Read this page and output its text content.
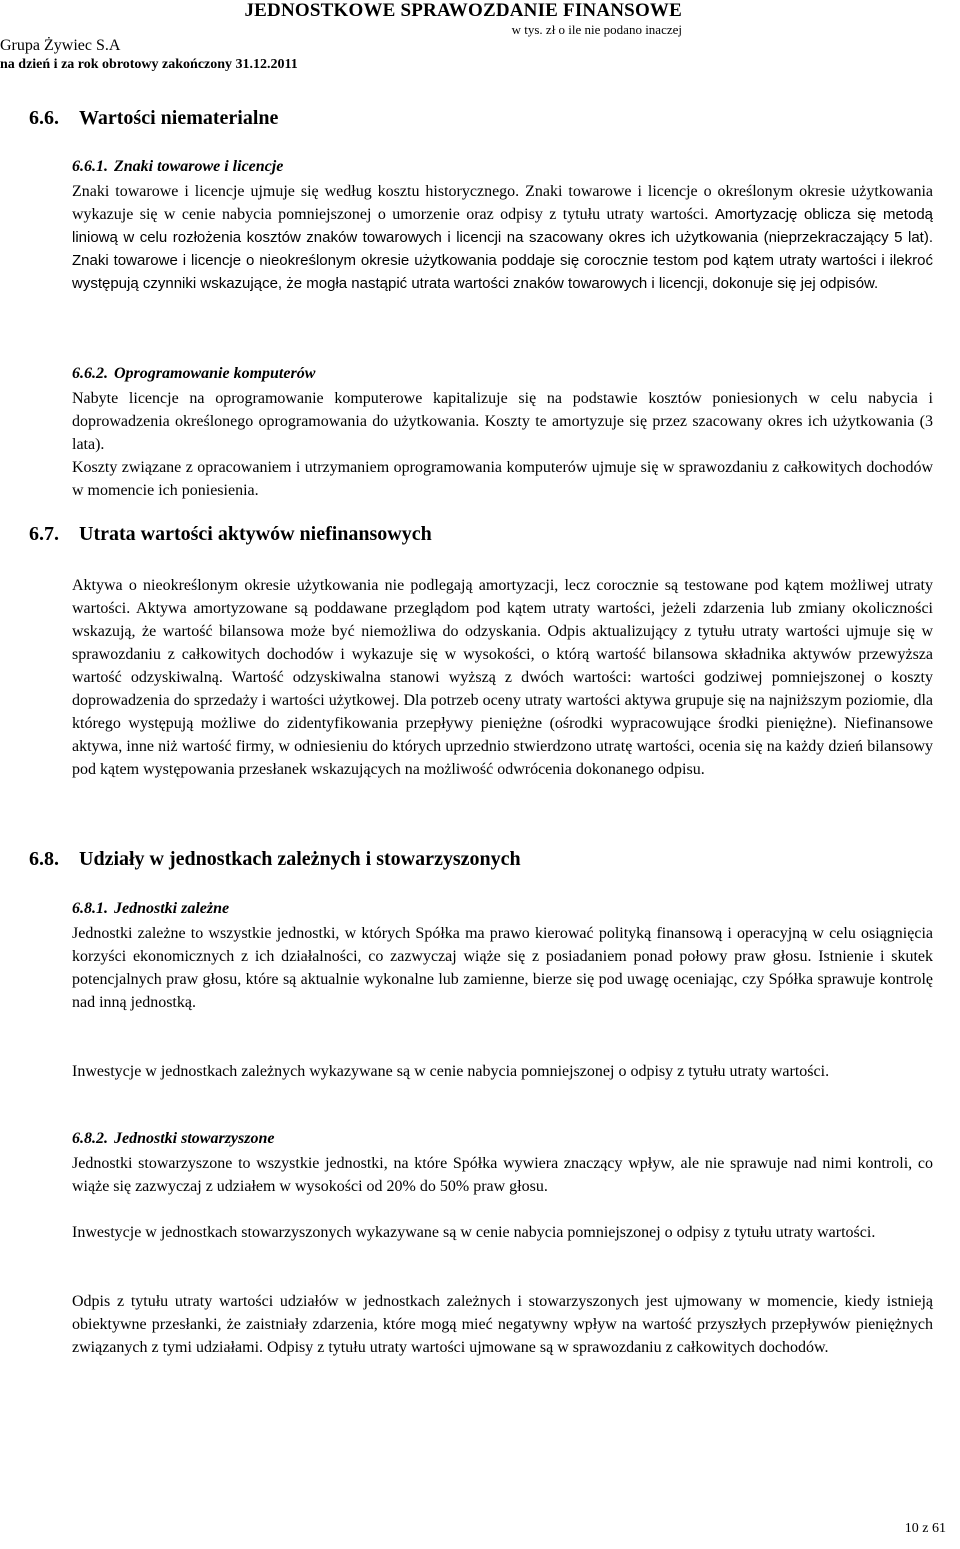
JEDNOSTKOWE SPRAWOZDANIE FINANSOWE
w tys. zł o ile nie podano inaczej
Grupa Żywiec S.A
na dzień i za rok obrotowy zakończony 31.12.2011
6.6. Wartości niematerialne
6.6.1. Znaki towarowe i licencje
Znaki towarowe i licencje ujmuje się według kosztu historycznego. Znaki towarowe i licencje o określonym okresie użytkowania wykazuje się w cenie nabycia pomniejszonej o umorzenie oraz odpisy z tytułu utraty wartości. Amortyzację oblicza się metodą liniową w celu rozłożenia kosztów znaków towarowych i licencji na szacowany okres ich użytkowania (nieprzekraczający 5 lat). Znaki towarowe i licencje o nieokreślonym okresie użytkowania poddaje się corocznie testom pod kątem utraty wartości i ilekroć występują czynniki wskazujące, że mogła nastąpić utrata wartości znaków towarowych i licencji, dokonuje się jej odpisów.
6.6.2. Oprogramowanie komputerów
Nabyte licencje na oprogramowanie komputerowe kapitalizuje się na podstawie kosztów poniesionych w celu nabycia i doprowadzenia określonego oprogramowania do użytkowania. Koszty te amortyzuje się przez szacowany okres ich użytkowania (3 lata).
Koszty związane z opracowaniem i utrzymaniem oprogramowania komputerów ujmuje się w sprawozdaniu z całkowitych dochodów w momencie ich poniesienia.
6.7. Utrata wartości aktywów niefinansowych
Aktywa o nieokreślonym okresie użytkowania nie podlegają amortyzacji, lecz corocznie są testowane pod kątem możliwej utraty wartości. Aktywa amortyzowane są poddawane przeglądom pod kątem utraty wartości, jeżeli zdarzenia lub zmiany okoliczności wskazują, że wartość bilansowa może być niemożliwa do odzyskania. Odpis aktualizujący z tytułu utraty wartości ujmuje się w sprawozdaniu z całkowitych dochodów i wykazuje się w wysokości, o którą wartość bilansowa składnika aktywów przewyższa wartość odzyskiwalną. Wartość odzyskiwalna stanowi wyższą z dwóch wartości: wartości godziwej pomniejszonej o koszty doprowadzenia do sprzedaży i wartości użytkowej. Dla potrzeb oceny utraty wartości aktywa grupuje się na najniższym poziomie, dla którego występują możliwe do zidentyfikowania przepływy pieniężne (ośrodki wypracowujące środki pieniężne). Niefinansowe aktywa, inne niż wartość firmy, w odniesieniu do których uprzednio stwierdzono utratę wartości, ocenia się na każdy dzień bilansowy pod kątem występowania przesłanek wskazujących na możliwość odwrócenia dokonanego odpisu.
6.8. Udziały w jednostkach zależnych i stowarzyszonych
6.8.1. Jednostki zależne
Jednostki zależne to wszystkie jednostki, w których Spółka ma prawo kierować polityką finansową i operacyjną w celu osiągnięcia korzyści ekonomicznych z ich działalności, co zazwyczaj wiąże się z posiadaniem ponad połowy praw głosu. Istnienie i skutek potencjalnych praw głosu, które są aktualnie wykonalne lub zamienne, bierze się pod uwagę oceniając, czy Spółka sprawuje kontrolę nad inną jednostką.
Inwestycje w jednostkach zależnych wykazywane są w cenie nabycia pomniejszonej o odpisy z tytułu utraty wartości.
6.8.2. Jednostki stowarzyszone
Jednostki stowarzyszone to wszystkie jednostki, na które Spółka wywiera znaczący wpływ, ale nie sprawuje nad nimi kontroli, co wiąże się zazwyczaj z udziałem w wysokości od 20% do 50% praw głosu.
Inwestycje w jednostkach stowarzyszonych wykazywane są w cenie nabycia pomniejszonej o odpisy z tytułu utraty wartości.
Odpis z tytułu utraty wartości udziałów w jednostkach zależnych i stowarzyszonych jest ujmowany w momencie, kiedy istnieją obiektywne przesłanki, że zaistniały zdarzenia, które mogą mieć negatywny wpływ na wartość przyszłych przepływów pieniężnych związanych z tymi udziałami. Odpisy z tytułu utraty wartości ujmowane są w sprawozdaniu z całkowitych dochodów.
10 z 61
